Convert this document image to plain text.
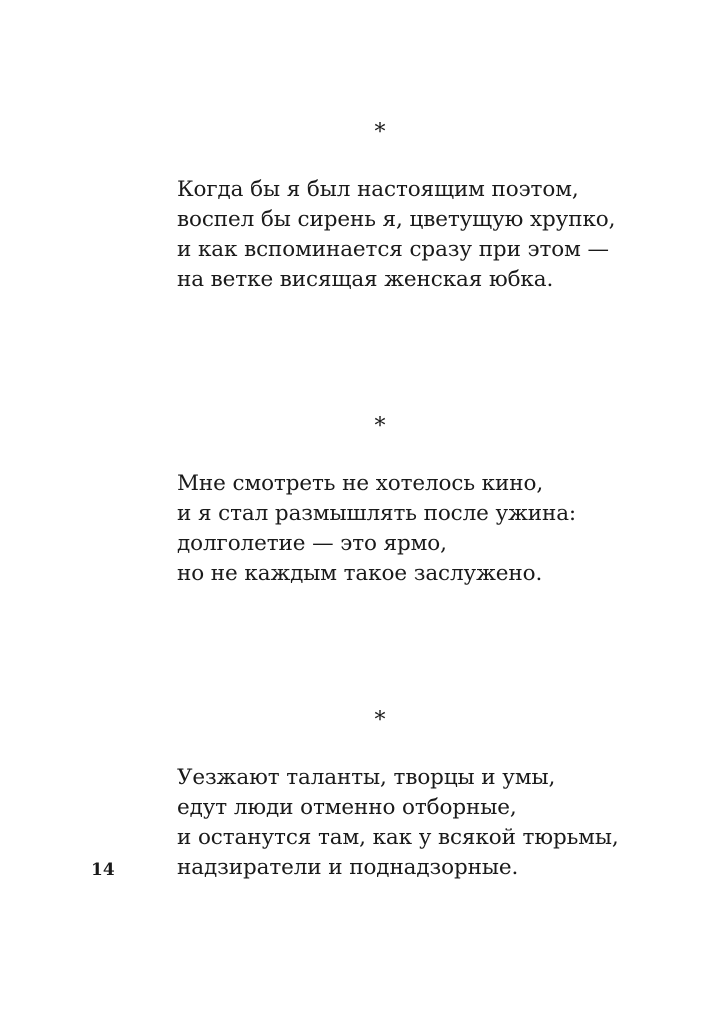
*
Когда бы я был настоящим поэтом,
воспел бы сирень я, цветущую хрупко,
и как вспоминается сразу при этом —
на ветке висящая женская юбка.
*
Мне смотреть не хотелось кино,
и я стал размышлять после ужина:
долголетие — это ярмо,
но не каждым такое заслужено.
*
Уезжают таланты, творцы и умы,
едут люди отменно отборные,
и останутся там, как у всякой тюрьмы,
надзиратели и поднадзорные.
14
